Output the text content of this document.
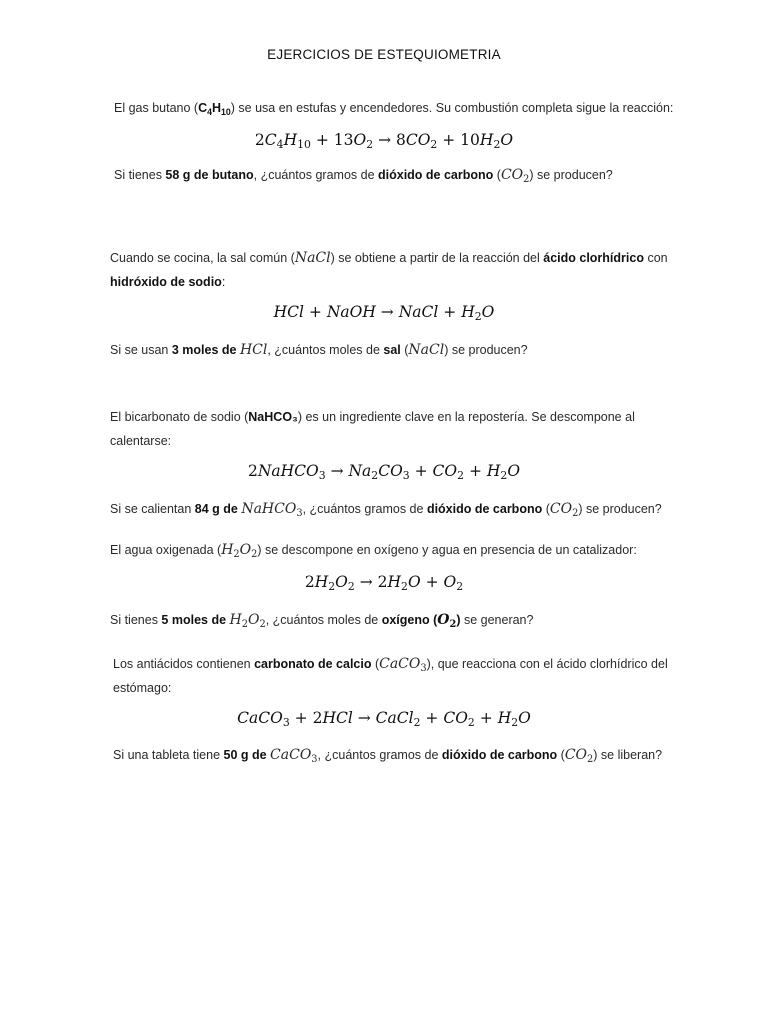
EJERCICIOS DE ESTEQUIOMETRIA
El gas butano $(C_4H_{10})$ se usa en estufas y encendedores. Su combustión completa sigue la reacción:
$2C_4H_{10} + 13O_2 \to 8CO_2 + 10H_2O$
Si tienes 58 g de butano, ¿cuántos gramos de dióxido de carbono $(CO_2)$ se producen?
Cuando se cocina, la sal común (NaCl) se obtiene a partir de la reacción del ácido clorhídrico con
hidróxido de sodio:
HCl + NaOH → NaCl + $H_2O$
Si se usan 3 moles de HCl, ¿cuántos moles de sal (NaCl) se producen?
El bicarbonato de sodio (NaHCO₃) es un ingrediente clave en la repostería. Se descompone al
calentarse:
2NaHCO$_3$ → $Na_2CO_3 + CO_2 + H_2O$
Si se calientan 84 g de NaHCO$_3$, ¿cuántos gramos de dióxido de carbono $(CO_2)$ se producen?
El agua oxigenada $(H_2O_2)$ se descompone en oxígeno y agua en presencia de un catalizador:
$2H_2O_2 \to 2H_2O + O_2$
Si tienes 5 moles de $H_2O_2$, ¿cuántos moles de oxígeno $(O_2)$ se generan?
Los antiácidos contienen carbonato de calcio (CaCO$_3$), que reacciona con el ácido clorhídrico del
estómago:
CaCO$_3$ + 2HCl → CaCl$_2$ + $CO_2 + H_2O$
Si una tableta tiene 50 g de CaCO$_3$, ¿cuántos gramos de dióxido de carbono $(CO_2)$ se liberan?
